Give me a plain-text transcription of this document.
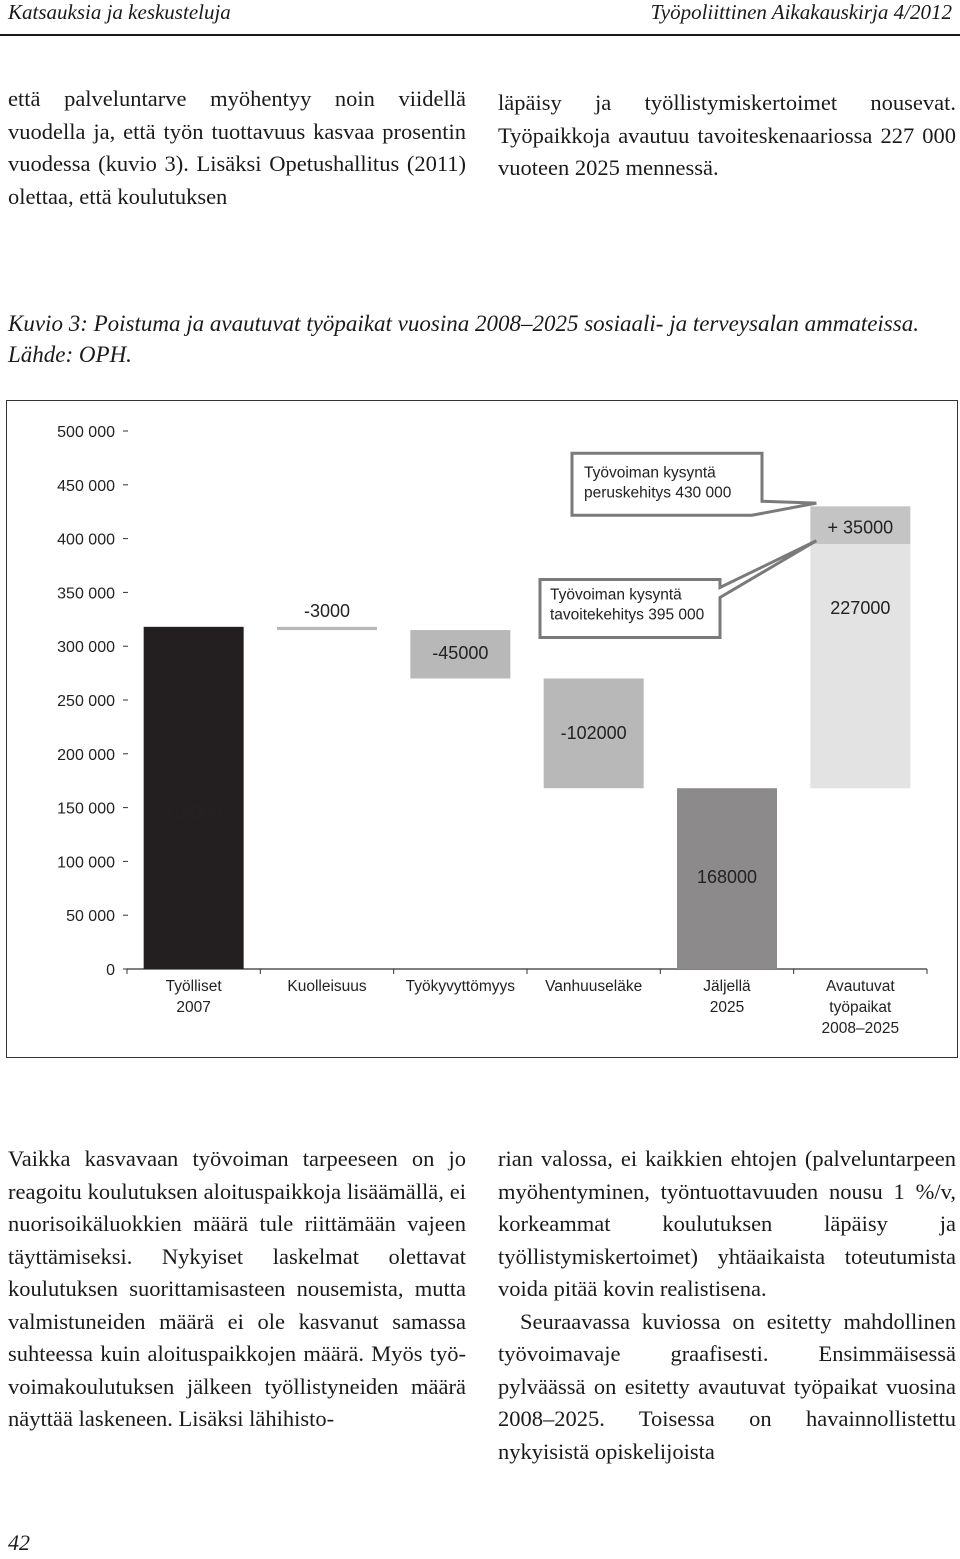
Katsauksia ja keskusteluja	Työpoliittinen Aikakauskirja 4/2012

että palveluntarve myöhentyy noin viidellä vuodella ja, että työn tuottavuus kasvaa prosentin vuodessa (kuvio 3). Lisäksi Opetushallitus (2011) olettaa, että koulutuksen

läpäisy ja työllistymiskertoimet nousevat. Työpaikkoja avautuu tavoiteskenaariossa 227 000 vuoteen 2025 mennessä.

Kuvio 3: Poistuma ja avautuvat työpaikat vuosina 2008–2025 sosiaali- ja terveysalan ammateissa. Lähde: OPH.
0
50 000
100 000
150 000
200 000
250 000
300 000
350 000
400 000
450 000
500 000
Työlliset
2007
Kuolleisuus	Työkyvyttömyys Vanhuuseläke	Jäljellä
2025
Avautuvat
työpaikat
2008–2025
318000
-3000
-45000
-102000
168000
227000
+ 35000
Työvoiman kysyntä
peruskehitys 430 000
Työvoiman kysyntä
tavoitekehitys 395 000

Vaikka kasvavaan työvoiman tarpeeseen on jo reagoitu koulutuksen aloituspaikkoja lisäämällä, ei nuorisoikäluokkien määrä tule riittämään vajeen täyttämiseksi. Nykyiset laskelmat olettavat koulutuksen suorittamisasteen nousemista, mutta valmistuneiden määrä ei ole kasvanut samassa suhteessa kuin aloituspaikkojen määrä. Myös työvoimakoulutuksen jälkeen työllistyneiden määrä näyttää laskeneen. Lisäksi lähihisto-

rian valossa, ei kaikkien ehtojen (palveluntarpeen myöhentyminen, työntuottavuuden nousu 1 %/v, korkeammat koulutuksen läpäisy ja työllistymiskertoimet) yhtäaikaista toteutumista voida pitää kovin realistisena.

Seuraavassa kuviossa on esitetty mahdollinen työvoimavaje graafisesti. Ensimmäisessä pylväässä on esitetty avautuvat työpaikat vuosina 2008–2025. Toisessa on havainnollistettu nykyisistä opiskelijoista

42
